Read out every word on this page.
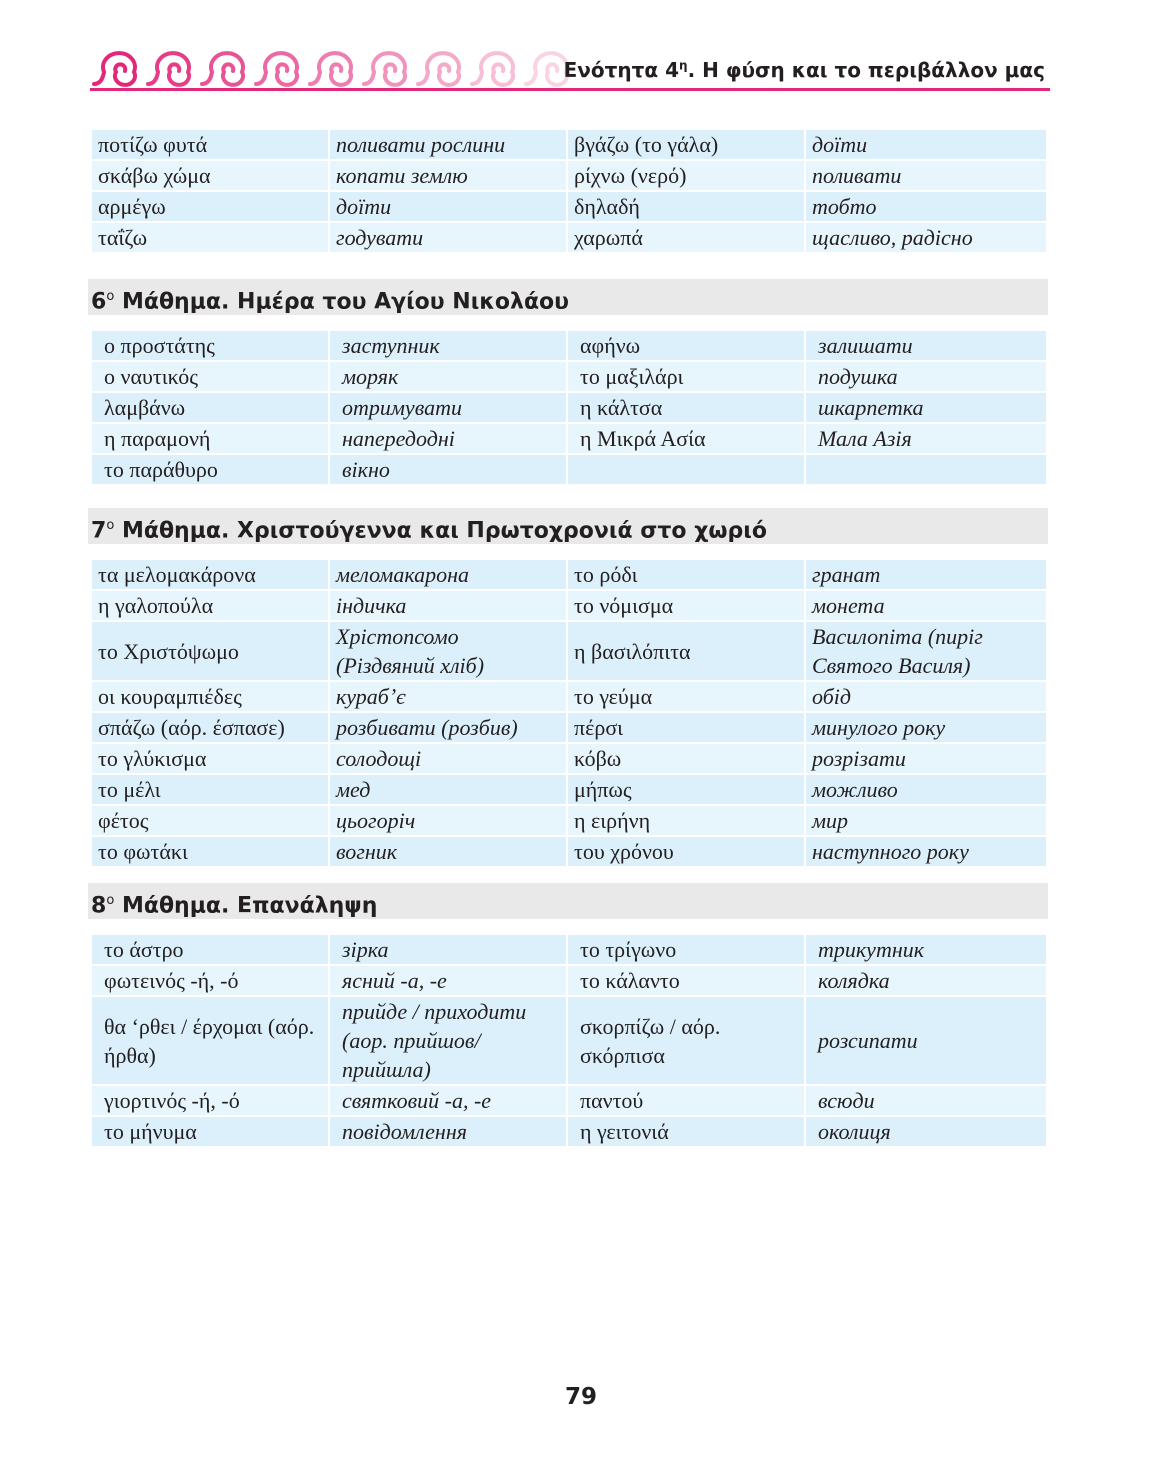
Ενότητα $4^\eta$. Η φύση και το περιβάλλον μας
ποτίζω φυτά	поливати рослини	βγάζω (το γάλα)	доїти
σκάβω χώμα	копати землю	ρίχνω (νερό)	поливати
αρμέγω	доїти	δηλαδή	тобто
ταΐζω	годувати	χαρωπά	щасливо, радісно
$6^o$ Μάθημα. Ημέρα του Αγίου Νικολάου
ο προστάτης	заступник	αφήνω	залишати
ο ναυτικός	моряк	το μαξιλάρι	подушка
λαμβάνω	отримувати	η κάλτσα	шкарпетка
η παραμονή	напередодні	η Μικρά Ασία	Мала Азія
το παράθυρο	вікно		
$7^o$ Μάθημα. Χριστούγεννα και Πρωτοχρονιά στο χωριό
τα μελομακάρονα	меломакарона	το ρόδι	гранат
η γαλοπούλα	індичка	το νόμισμα	монета
το Χριστόψωμο	Хрістопсомо (Різдвяний хліб)	η βασιλόπιτα	Василопіта (пиріг Святого Василя)
οι κουραμπιέδες	курабʼє	το γεύμα	обід
σπάζω (αόρ. έσπασε)	розбивати (розбив)	πέρσι	минулого року
το γλύκισμα	солодощі	κόβω	розрізати
το μέλι	мед	μήπως	можливо
φέτος	цьогоріч	η ειρήνη	мир
το φωτάκι	вогник	του χρόνου	наступного року
$8^o$ Μάθημα. Επανάληψη
το άστρο	зірка	το τρίγωνο	трикутник
φωτεινός -ή, -ό	ясний -а, -е	το κάλαντο	колядка
θα ‘ρθει / έρχομαι (αόρ. ήρθα)	прийде / приходити (аор. прийшов/ прийшла)	σκορπίζω / αόρ. σκόρπισα	розсипати
γιορτινός -ή, -ό	святковий -а, -е	παντού	всюди
το μήνυμα	повідомлення	η γειτονιά	околиця
79
